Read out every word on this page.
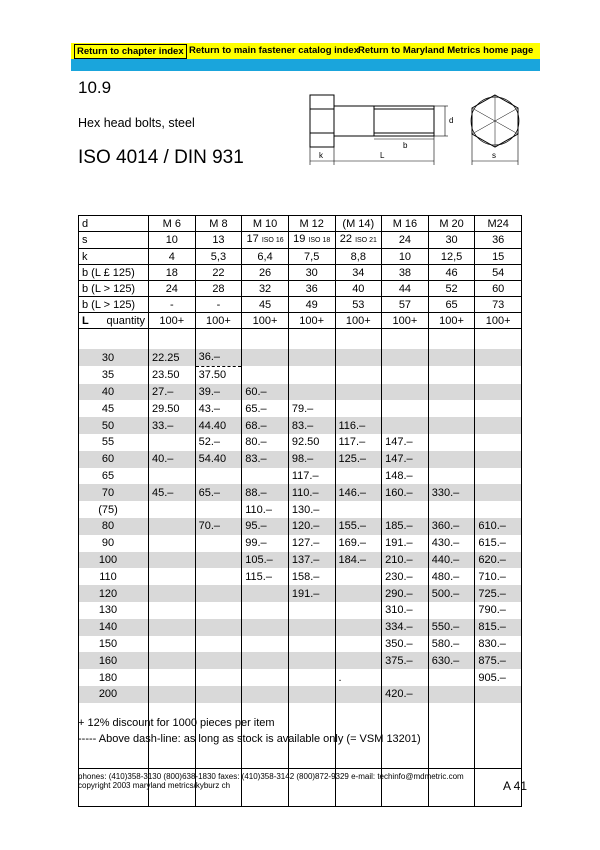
Return to chapter index Return to main fastener catalog index Return to Maryland Metrics home page
10.9
Hex head bolts, steel
ISO 4014 / DIN 931
d
b
k	L	s
d	M 6	M 8	M 10	M 12	(M 14)	M 16	M 20	M24
s	10	13	17 ISO 16	19 ISO 18	22 ISO 21	24	30	36
k	4	5,3	6,4	7,5	8,8	10	12,5	15
b (L £ 125)	18	22	26	30	34	38	46	54
b (L > 125)	24	28	32	36	40	44	52	60
b (L > 125)	-	-	45	49	53	57	65	73
L quantity	100+	100+	100+	100+	100+	100+	100+	100+

30	22.25	36.–						
35	23.50	37.50						
40	27.–	39.–	60.–					
45	29.50	43.–	65.–	79.–				
50	33.–	44.40	68.–	83.–	116.–			
55		52.–	80.–	92.50	117.–	147.–		
60	40.–	54.40	83.–	98.–	125.–	147.–		
65				117.–		148.–		
70	45.–	65.–	88.–	110.–	146.–	160.–	330.–	
(75)			110.–	130.–				
80		70.–	95.–	120.–	155.–	185.–	360.–	610.–
90			99.–	127.–	169.–	191.–	430.–	615.–
100			105.–	137.–	184.–	210.–	440.–	620.–
110			115.–	158.–		230.–	480.–	710.–
120				191.–		290.–	500.–	725.–
130						310.–		790.–
140						334.–	550.–	815.–
150						350.–	580.–	830.–
160						375.–	630.–	875.–
180					.			905.–
200						420.–		

+ 12% discount for 1000 pieces per item
----- Above dash-line: as long as stock is available only (= VSM 13201)
phones: (410)358-3130 (800)638-1830 faxes: (410)358-3142 (800)872-9329 e-mail: techinfo@mdmetric.com
copyright 2003 maryland metrics/kyburz ch	A 41
